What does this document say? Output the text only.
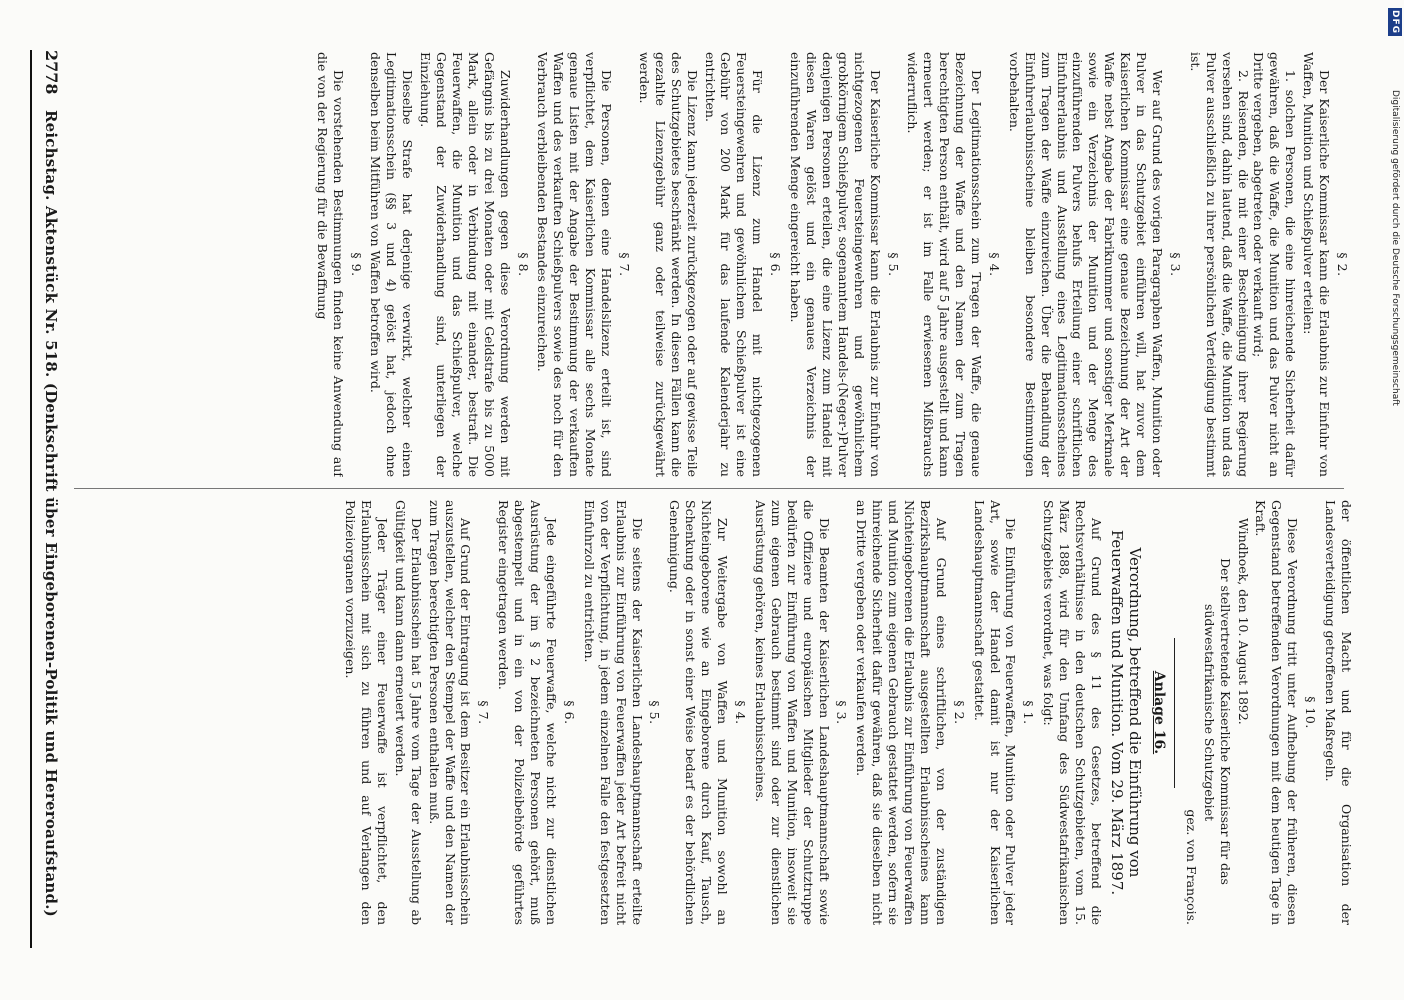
2778
Reichstag. Aktenstück Nr. 518. (Denkschrift über Eingeborenen-Politik und Hereroaufstand.)	§ 2.

Der Kaiserliche Kommissar kann die Erlaubnis zur Einfuhr von Waffen, Munition und Schießpulver erteilen:

1. solchen Personen, die eine hinreichende Sicherheit dafür gewähren, daß die Waffe, die Munition und das Pulver nicht an Dritte vergeben, abgetreten oder verkauft wird;

2. Reisenden, die mit einer Bescheinigung ihrer Regierung versehen sind, dahin lautend, daß die Waffe, die Munition und das Pulver ausschließlich zu ihrer persönlichen Verteidigung bestimmt ist.

§ 3.

Wer auf Grund des vorigen Paragraphen Waffen, Munition oder Pulver in das Schutzgebiet einführen will, hat zuvor dem Kaiserlichen Kommissar eine genaue Bezeichnung der Art der Waffe nebst Angabe der Fabriknummer und sonstiger Merkmale sowie ein Verzeichnis der Munition und der Menge des einzuführenden Pulvers behufs Erteilung einer schriftlichen Einfuhrerlaubnis und Ausstellung eines Legitimationsscheines zum Tragen der Waffe einzureichen. Über die Behandlung der Einfuhrerlaubnisscheine bleiben besondere Bestimmungen vorbehalten.

§ 4.

Der Legitimationsschein zum Tragen der Waffe, die genaue Bezeichnung der Waffe und den Namen der zum Tragen berechtigten Person enthält, wird auf 5 Jahre ausgestellt und kann erneuert werden; er ist im Falle erwiesenen Mißbrauchs widerruflich.

§ 5.

Der Kaiserliche Kommissar kann die Erlaubnis zur Einfuhr von nichtgezogenen Feuersteingewehren und gewöhnlichem grobkörnigem Schießpulver, sogenanntem Handels-(Neger-)Pulver denjenigen Personen erteilen, die eine Lizenz zum Handel mit diesen Waren gelöst und ein genaues Verzeichnis der einzuführenden Menge eingereicht haben.

§ 6.

Für die Lizenz zum Handel mit nichtgezogenen Feuersteingewehren und gewöhnlichem Schießpulver ist eine Gebühr von 200 Mark für das laufende Kalenderjahr zu entrichten.

Die Lizenz kann jederzeit zurückgezogen oder auf gewisse Teile des Schutzgebietes beschränkt werden. In diesen Fällen kann die gezahlte Lizenzgebühr ganz oder teilweise zurückgewährt werden.

§ 7.

Die Personen, denen eine Handelslizenz erteilt ist, sind verpflichtet, dem Kaiserlichen Kommissar alle sechs Monate genaue Listen mit der Angabe der Bestimmung der verkauften Waffen und des verkauften Schießpulvers sowie des noch für den Verbrauch verbleibenden Bestandes einzureichen.

§ 8.

Zuwiderhandlungen gegen diese Verordnung werden mit Gefängnis bis zu drei Monaten oder mit Geldstrafe bis zu 5000 Mark, allein oder in Verbindung mit einander, bestraft. Die Feuerwaffen, die Munition und das Schießpulver, welche Gegenstand der Zuwiderhandlung sind, unterliegen der Einziehung.

Dieselbe Strafe hat derjenige verwirkt, welcher einen Legitimationsschein (§§ 3 und 4) gelöst hat, jedoch ohne denselben beim Mitführen von Waffen betroffen wird.

§ 9.

Die vorstehenden Bestimmungen finden keine Anwendung auf die von der Regierung für die Bewaffnung

der öffentlichen Macht und für die Organisation der Landesverteidigung getroffenen Maßregeln.

§ 10.

Diese Verordnung tritt unter Aufhebung der früheren, diesen Gegenstand betreffenden Verordnungen mit dem heutigen Tage in Kraft.

Windhoek, den 10. August 1892.

Der stellvertretende Kaiserliche Kommissar für das südwestafrikanische Schutzgebiet

gez. von François.

Anlage 16.
Verordnung, betreffend die Einführung von Feuerwaffen und Munition. Vom 29. März 1897.

Auf Grund des § 11 des Gesetzes, betreffend die Rechtsverhältnisse in den deutschen Schutzgebieten, vom 15. März 1888, wird für den Umfang des Südwestafrikanischen Schutzgebiets verordnet, was folgt:

§ 1.

Die Einführung von Feuerwaffen, Munition oder Pulver jeder Art, sowie der Handel damit ist nur der Kaiserlichen Landeshauptmannschaft gestattet.

§ 2.

Auf Grund eines schriftlichen, von der zuständigen Bezirkshauptmannschaft ausgestellten Erlaubnisscheines kann Nichteingeborenen die Erlaubnis zur Einführung von Feuerwaffen und Munition zum eigenen Gebrauch gestattet werden, sofern sie hinreichende Sicherheit dafür gewähren, daß sie dieselben nicht an Dritte vergeben oder verkaufen werden.

§ 3.

Die Beamten der Kaiserlichen Landeshauptmannschaft sowie die Offiziere und europäischen Mitglieder der Schutztruppe bedürfen zur Einführung von Waffen und Munition, insoweit sie zum eigenen Gebrauch bestimmt sind oder zur dienstlichen Ausrüstung gehören, keines Erlaubnisscheines.

§ 4.

Zur Weitergabe von Waffen und Munition sowohl an Nichteingeborene wie an Eingeborene durch Kauf, Tausch, Schenkung oder in sonst einer Weise bedarf es der behördlichen Genehmigung.

§ 5.

Die seitens der Kaiserlichen Landeshauptmannschaft erteilte Erlaubnis zur Einführung von Feuerwaffen jeder Art befreit nicht von der Verpflichtung, in jedem einzelnen Falle den festgesetzten Einfuhrzoll zu entrichten.

§ 6.

Jede eingeführte Feuerwaffe, welche nicht zur dienstlichen Ausrüstung der im § 2 bezeichneten Personen gehört, muß abgestempelt und in ein von der Polizeibehörde geführtes Register eingetragen werden.

§ 7.

Auf Grund der Eintragung ist dem Besitzer ein Erlaubnisschein auszustellen, welcher den Stempel der Waffe und den Namen der zum Tragen berechtigten Personen enthalten muß.

Der Erlaubnisschein hat 5 Jahre vom Tage der Ausstellung ab Gültigkeit und kann dann erneuert werden.

Jeder Träger einer Feuerwaffe ist verpflichtet, den Erlaubnisschein mit sich zu führen und auf Verlangen den Polizeiorganen vorzuzeigen.

DFG
Digitalisierung gefördert durch die Deutsche Forschungsgemeinschaft
